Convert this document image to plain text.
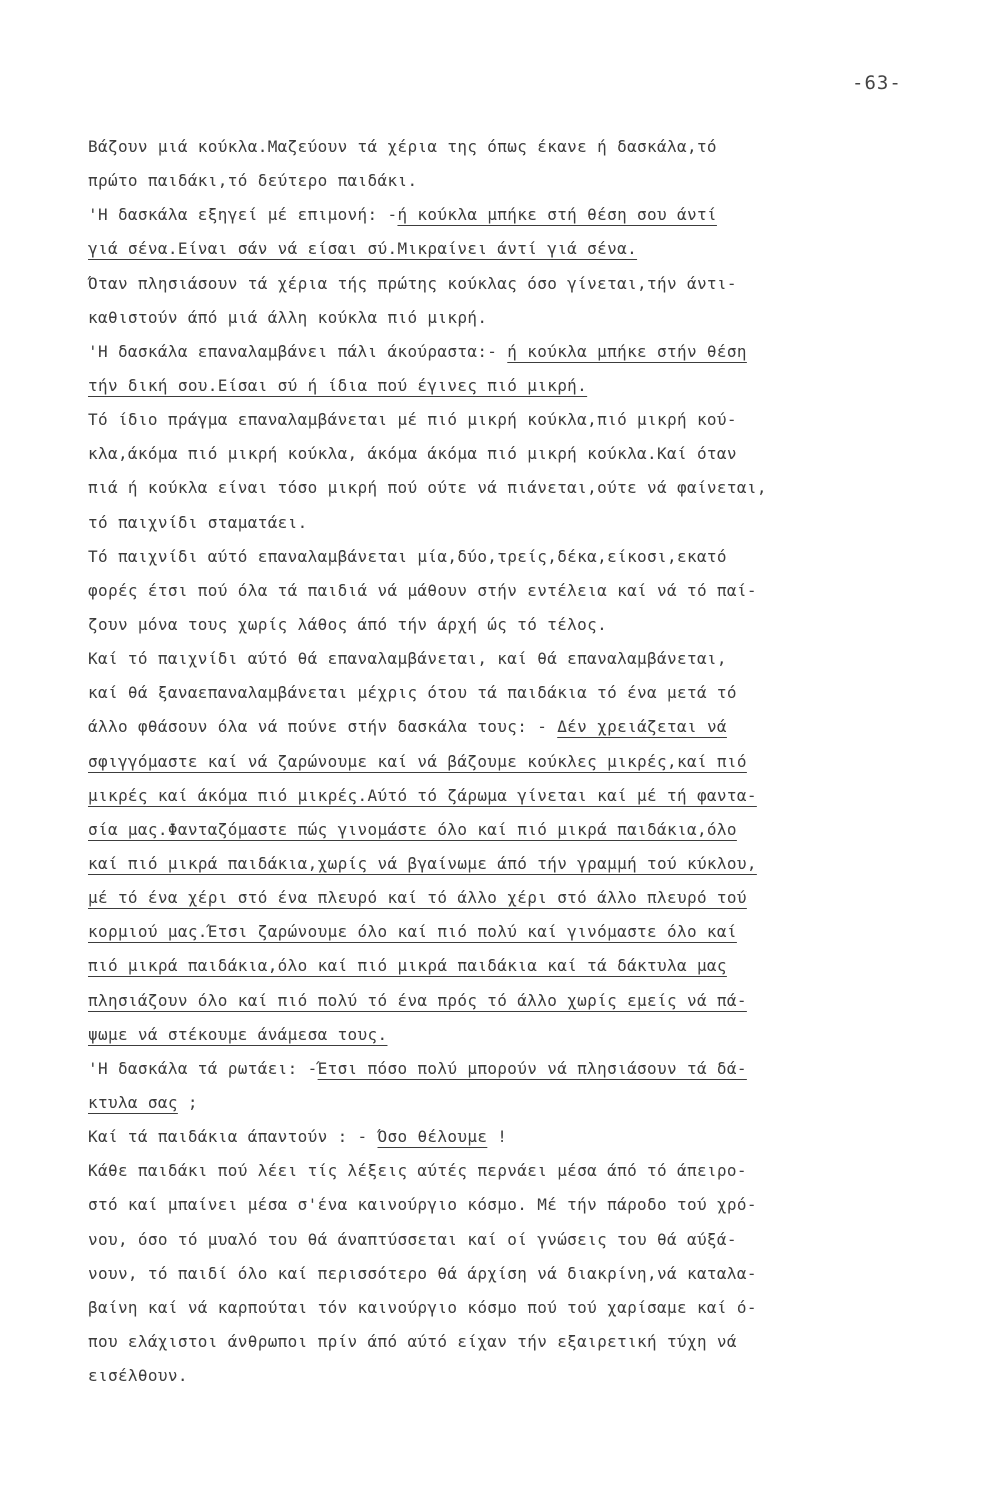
-63-
Βάζουν μιά κούκλα.Μαζεύουν τά χέρια της όπως έκανε ή δασκάλα,τό
πρώτο παιδάκι,τό δεύτερο παιδάκι.
'Η δασκάλα εξηγεί μέ επιμονή: -ή κούκλα μπήκε στή θέση σου άντί
γιά σένα.Είναι σάν νά είσαι σύ.Μικραίνει άντί γιά σένα.
Όταν πλησιάσουν τά χέρια τής πρώτης κούκλας όσο γίνεται,τήν άντι-
καθιστούν άπό μιά άλλη κούκλα πιό μικρή.
'Η δασκάλα επαναλαμβάνει πάλι άκούραστα:- ή κούκλα μπήκε στήν θέση
τήν δική σου.Είσαι σύ ή ίδια πού έγινες πιό μικρή.
Τό ίδιο πράγμα επαναλαμβάνεται μέ πιό μικρή κούκλα,πιό μικρή κού-
κλα,άκόμα πιό μικρή κούκλα, άκόμα άκόμα πιό μικρή κούκλα.Καί όταν
πιά ή κούκλα είναι τόσο μικρή πού ούτε νά πιάνεται,ούτε νά φαίνεται,
τό παιχνίδι σταματάει.
Τό παιχνίδι αύτό επαναλαμβάνεται μία,δύο,τρείς,δέκα,είκοσι,εκατό
φορές έτσι πού όλα τά παιδιά νά μάθουν στήν εντέλεια καί νά τό παί-
ζουν μόνα τους χωρίς λάθος άπό τήν άρχή ώς τό τέλος.
Καί τό παιχνίδι αύτό θά επαναλαμβάνεται, καί θά επαναλαμβάνεται,
καί θά ξαναεπαναλαμβάνεται μέχρις ότου τά παιδάκια τό ένα μετά τό
άλλο φθάσουν όλα νά πούνε στήν δασκάλα τους: - Δέν χρειάζεται νά
σφιγγόμαστε καί νά ζαρώνουμε καί νά βάζουμε κούκλες μικρές,καί πιό
μικρές καί άκόμα πιό μικρές.Αύτό τό ζάρωμα γίνεται καί μέ τή φαντα-
σία μας.Φανταζόμαστε πώς γινομάστε όλο καί πιό μικρά παιδάκια,όλο
καί πιό μικρά παιδάκια,χωρίς νά βγαίνωμε άπό τήν γραμμή τού κύκλου,
μέ τό ένα χέρι στό ένα πλευρό καί τό άλλο χέρι στό άλλο πλευρό τού
κορμιού μας.Έτσι ζαρώνουμε όλο καί πιό πολύ καί γινόμαστε όλο καί
πιό μικρά παιδάκια,όλο καί πιό μικρά παιδάκια καί τά δάκτυλα μας
πλησιάζουν όλο καί πιό πολύ τό ένα πρός τό άλλο χωρίς εμείς νά πά-
ψωμε νά στέκουμε άνάμεσα τους.
'Η δασκάλα τά ρωτάει: -Έτσι πόσο πολύ μπορούν νά πλησιάσουν τά δά-
κτυλα σας ;
Καί τά παιδάκια άπαντούν : - Όσο θέλουμε !
Κάθε παιδάκι πού λέει τίς λέξεις αύτές περνάει μέσα άπό τό άπειρο-
στό καί μπαίνει μέσα σ'ένα καινούργιο κόσμο. Μέ τήν πάροδο τού χρό-
νου, όσο τό μυαλό του θά άναπτύσσεται καί οί γνώσεις του θά αύξά-
νουν, τό παιδί όλο καί περισσότερο θά άρχίση νά διακρίνη,νά καταλα-
βαίνη καί νά καρπούται τόν καινούργιο κόσμο πού τού χαρίσαμε καί ό-
που ελάχιστοι άνθρωποι πρίν άπό αύτό είχαν τήν εξαιρετική τύχη νά
εισέλθουν.
